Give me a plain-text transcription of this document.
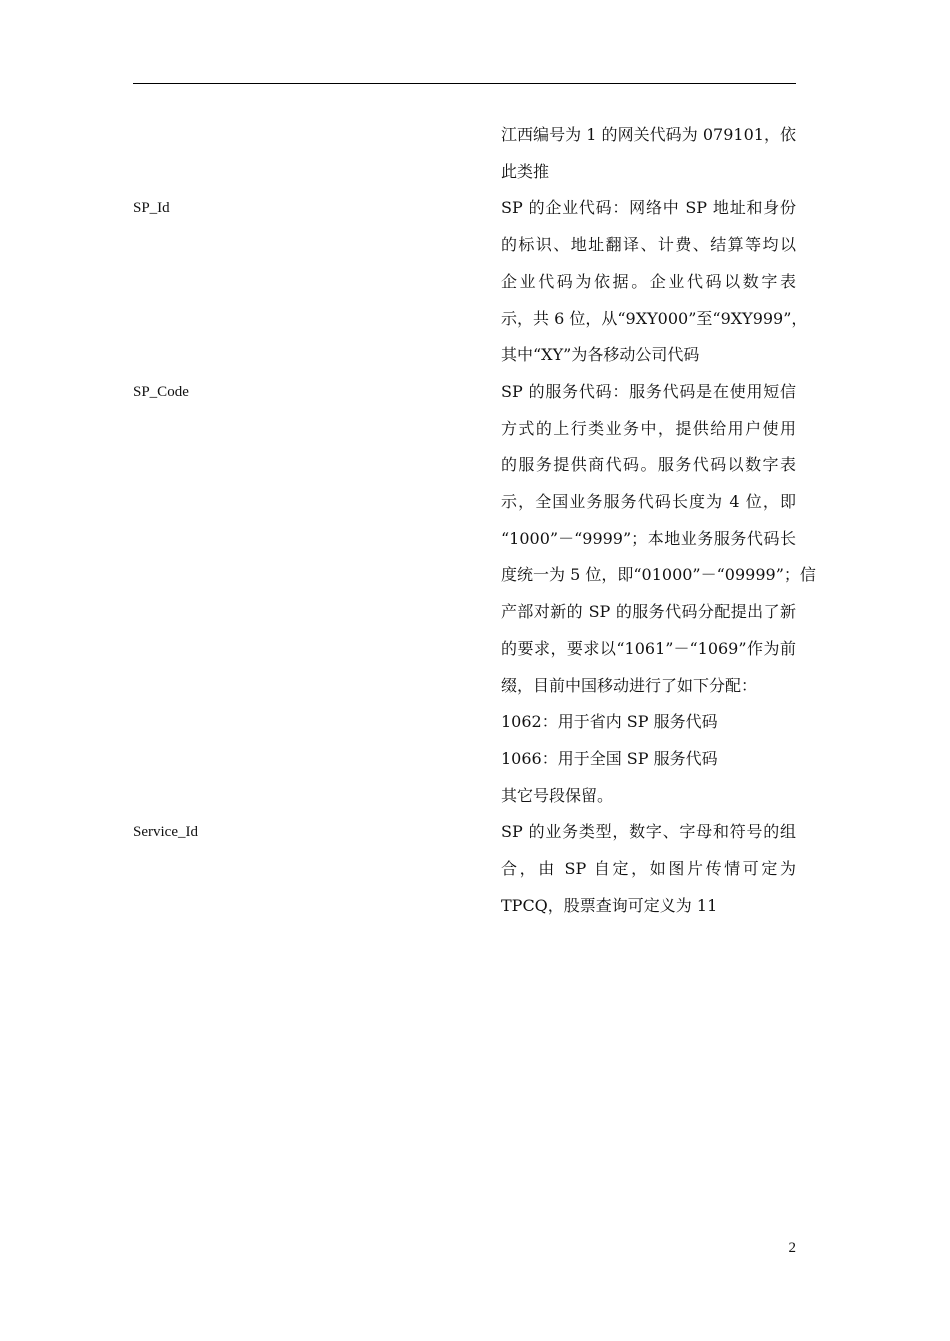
江西编号为 1 的网关代码为 079101，依
此类推
SP_Id	SP 的企业代码：网络中 SP 地址和身份
的标识、地址翻译、计费、结算等均以
企业代码为依据。企业代码以数字表
示，共 6 位，从“9XY000”至“9XY999”，
其中“XY”为各移动公司代码
SP_Code	SP 的服务代码：服务代码是在使用短信
方式的上行类业务中，提供给用户使用
的服务提供商代码。服务代码以数字表
示，全国业务服务代码长度为 4 位，即
“1000”－“9999”；本地业务服务代码长
度统一为 5 位，即“01000”－“09999”；信
产部对新的 SP 的服务代码分配提出了新
的要求，要求以“1061”－“1069”作为前
缀，目前中国移动进行了如下分配：
1062：用于省内 SP 服务代码
1066：用于全国 SP 服务代码
其它号段保留。
Service_Id	SP 的业务类型，数字、字母和符号的组
合，由 SP 自定，如图片传情可定为
TPCQ，股票查询可定义为 11
2
